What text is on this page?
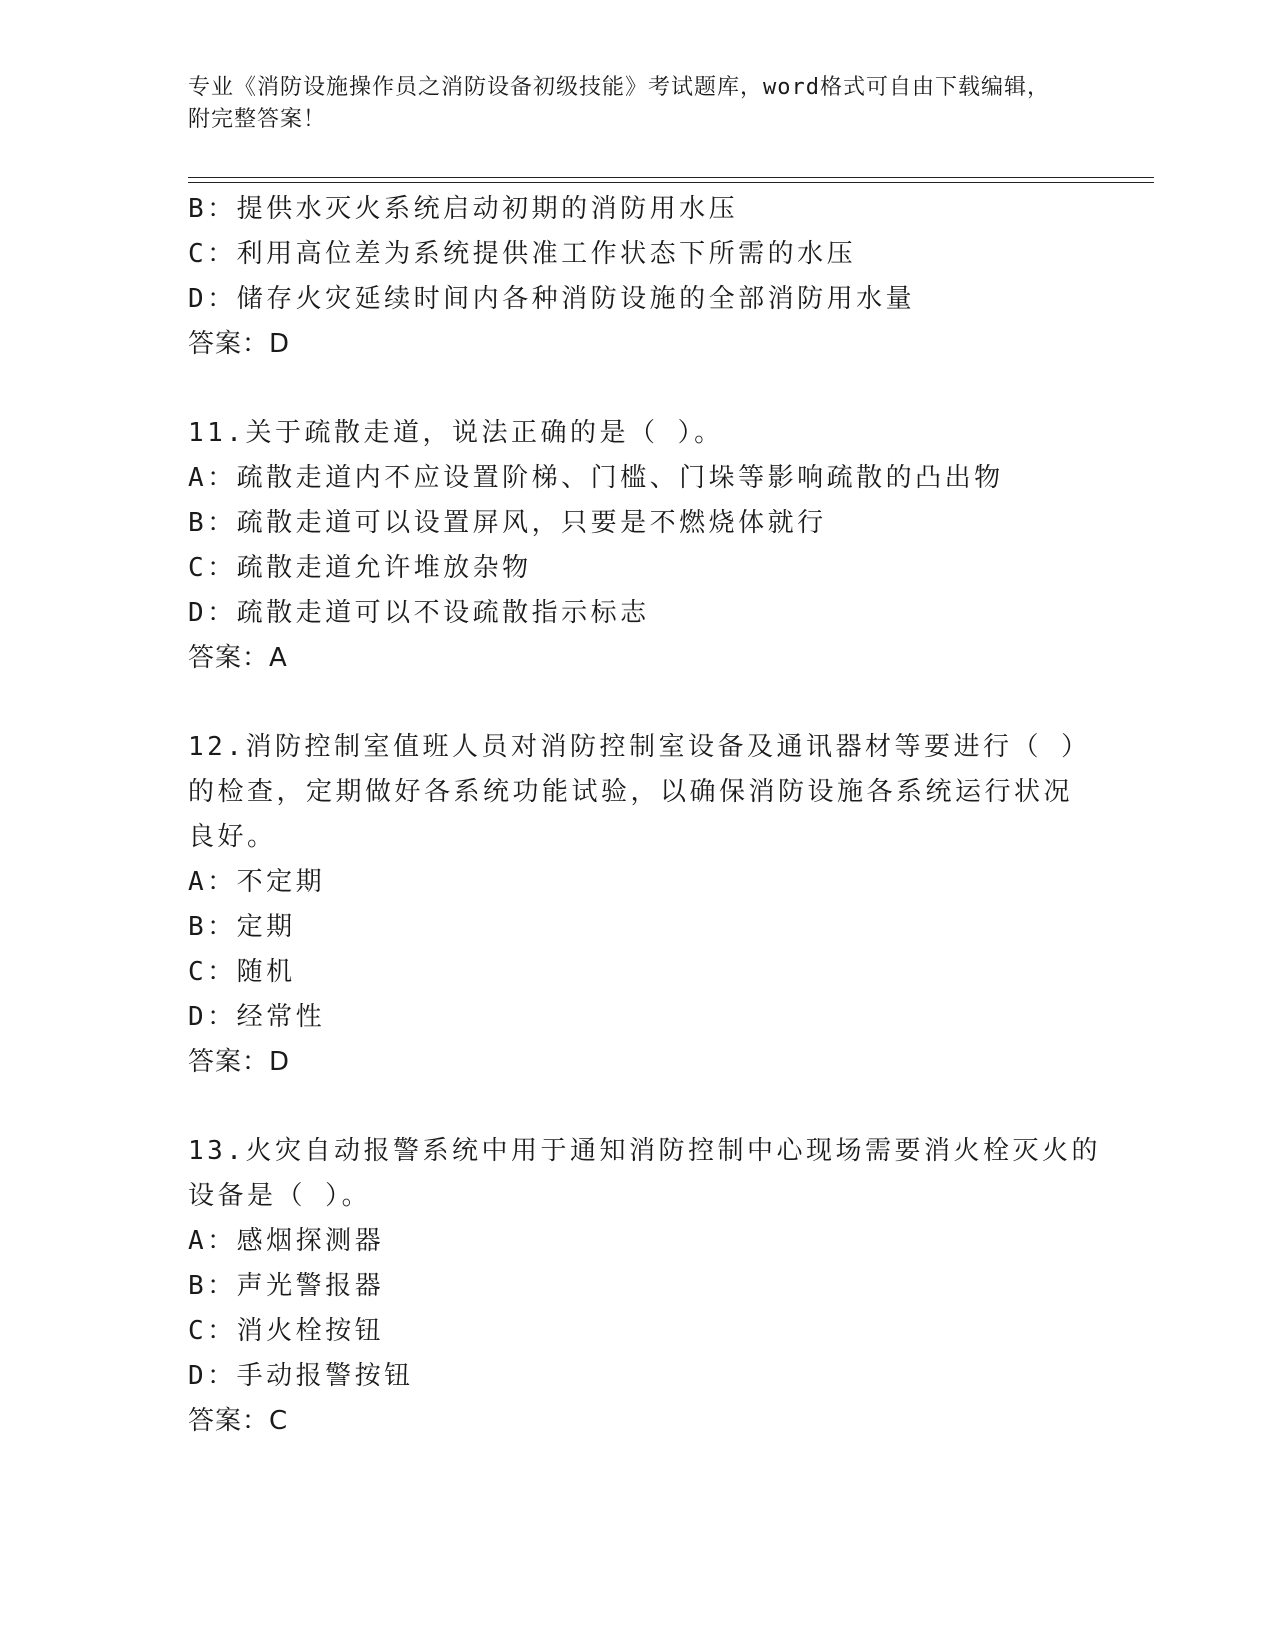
专业《消防设施操作员之消防设备初级技能》考试题库，word格式可自由下载编辑，附完整答案！
B：提供水灭火系统启动初期的消防用水压
C：利用高位差为系统提供准工作状态下所需的水压
D：储存火灾延续时间内各种消防设施的全部消防用水量
答案：D
11.关于疏散走道，说法正确的是（ ）。
A：疏散走道内不应设置阶梯、门槛、门垛等影响疏散的凸出物
B：疏散走道可以设置屏风，只要是不燃烧体就行
C：疏散走道允许堆放杂物
D：疏散走道可以不设疏散指示标志
答案：A
12.消防控制室值班人员对消防控制室设备及通讯器材等要进行（ ）
的检查，定期做好各系统功能试验，以确保消防设施各系统运行状况
良好。
A：不定期
B：定期
C：随机
D：经常性
答案：D
13.火灾自动报警系统中用于通知消防控制中心现场需要消火栓灭火的
设备是（ ）。
A：感烟探测器
B：声光警报器
C：消火栓按钮
D：手动报警按钮
答案：C
